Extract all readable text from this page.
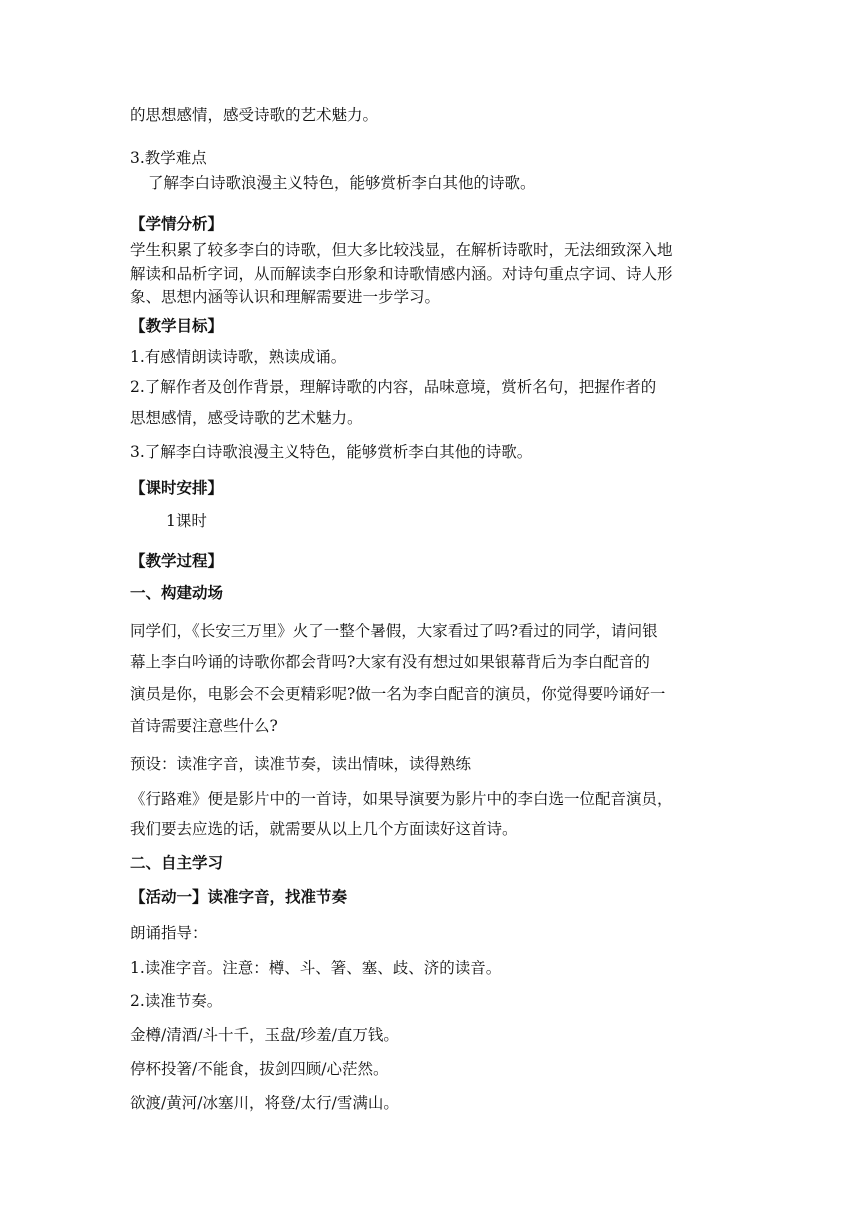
的思想感情，感受诗歌的艺术魅力。
3.教学难点
了解李白诗歌浪漫主义特色，能够赏析李白其他的诗歌。
【学情分析】
学生积累了较多李白的诗歌，但大多比较浅显，在解析诗歌时，无法细致深入地
解读和品析字词，从而解读李白形象和诗歌情感内涵。对诗句重点字词、诗人形
象、思想内涵等认识和理解需要进一步学习。
【教学目标】
1.有感情朗读诗歌，熟读成诵。
2.了解作者及创作背景，理解诗歌的内容，品味意境，赏析名句，把握作者的
思想感情，感受诗歌的艺术魅力。
3.了解李白诗歌浪漫主义特色，能够赏析李白其他的诗歌。
【课时安排】
1课时
【教学过程】
一、构建动场
同学们，《长安三万里》火了一整个暑假，大家看过了吗?看过的同学，请问银
幕上李白吟诵的诗歌你都会背吗?大家有没有想过如果银幕背后为李白配音的
演员是你，电影会不会更精彩呢?做一名为李白配音的演员，你觉得要吟诵好一
首诗需要注意些什么?
预设：读准字音，读准节奏，读出情味，读得熟练
《行路难》便是影片中的一首诗，如果导演要为影片中的李白选一位配音演员，
我们要去应选的话，就需要从以上几个方面读好这首诗。
二、自主学习
【活动一】读准字音，找准节奏
朗诵指导：
1.读准字音。注意：樽、斗、箸、塞、歧、济的读音。
2.读准节奏。
金樽/清酒/斗十千，玉盘/珍羞/直万钱。
停杯投箸/不能食，拔剑四顾/心茫然。
欲渡/黄河/冰塞川，将登/太行/雪满山。
